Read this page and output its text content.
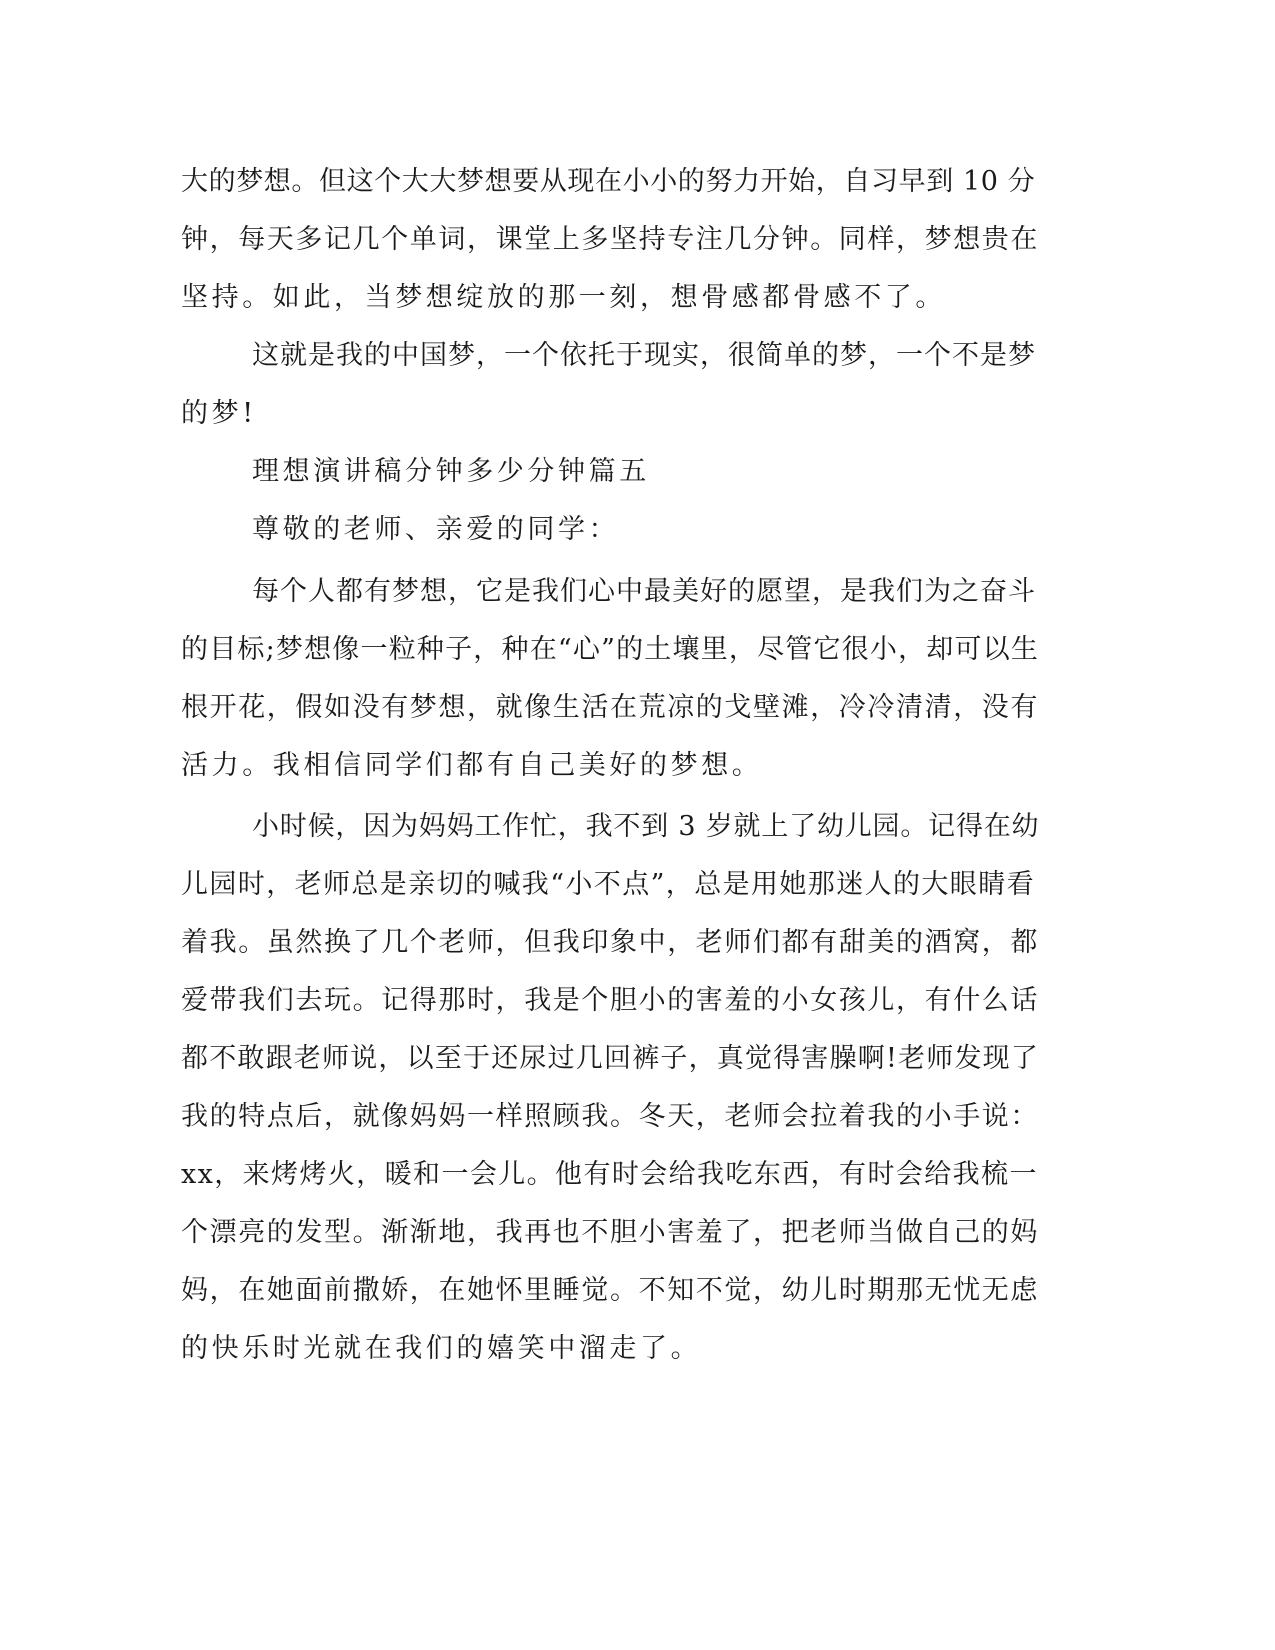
大的梦想。但这个大大梦想要从现在小小的努力开始，自习早到 10 分

钟，每天多记几个单词，课堂上多坚持专注几分钟。同样，梦想贵在

坚持。如此，当梦想绽放的那一刻，想骨感都骨感不了。

这就是我的中国梦，一个依托于现实，很简单的梦，一个不是梦

的梦!

理想演讲稿分钟多少分钟篇五

尊敬的老师、亲爱的同学：

每个人都有梦想，它是我们心中最美好的愿望，是我们为之奋斗

的目标;梦想像一粒种子，种在“心”的土壤里，尽管它很小，却可以生

根开花，假如没有梦想，就像生活在荒凉的戈壁滩，冷冷清清，没有

活力。我相信同学们都有自己美好的梦想。

小时候，因为妈妈工作忙，我不到 3 岁就上了幼儿园。记得在幼

儿园时，老师总是亲切的喊我“小不点”，总是用她那迷人的大眼睛看

着我。虽然换了几个老师，但我印象中，老师们都有甜美的酒窝，都

爱带我们去玩。记得那时，我是个胆小的害羞的小女孩儿，有什么话

都不敢跟老师说，以至于还尿过几回裤子，真觉得害臊啊!老师发现了

我的特点后，就像妈妈一样照顾我。冬天，老师会拉着我的小手说：

xx，来烤烤火，暖和一会儿。他有时会给我吃东西，有时会给我梳一

个漂亮的发型。渐渐地，我再也不胆小害羞了，把老师当做自己的妈

妈，在她面前撒娇，在她怀里睡觉。不知不觉，幼儿时期那无忧无虑

的快乐时光就在我们的嬉笑中溜走了。
